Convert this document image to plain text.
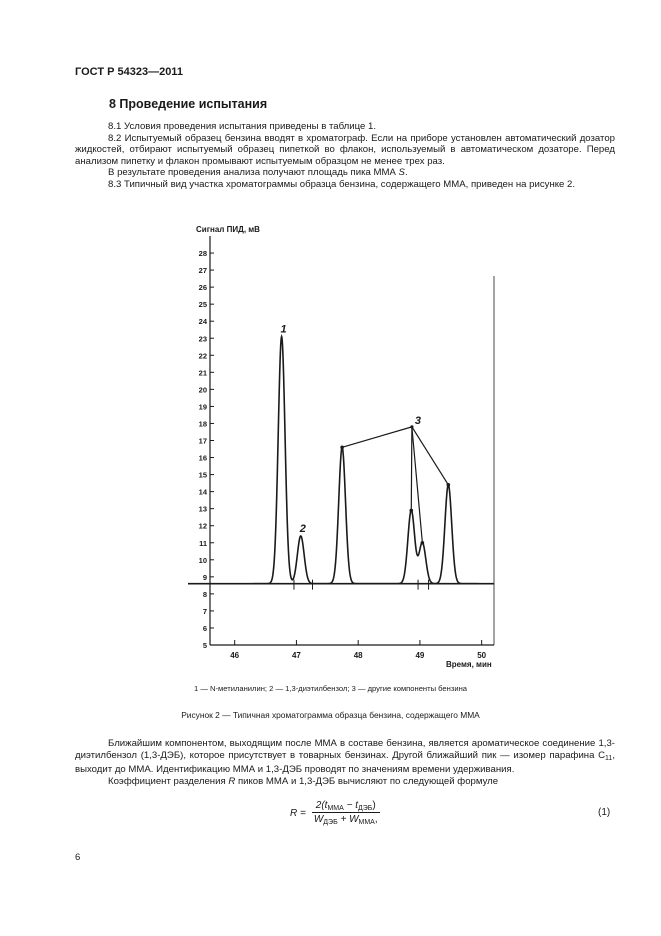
ГОСТ Р 54323—2011
8 Проведение испытания

8.1 Условия проведения испытания приведены в таблице 1.

8.2 Испытуемый образец бензина вводят в хроматограф. Если на приборе установлен автоматический дозатор жидкостей, отбирают испытуемый образец пипеткой во флакон, используемый в автоматическом дозаторе. Перед анализом пипетку и флакон промывают испытуемым образцом не менее трех раз.

В результате проведения анализа получают площадь пика ММА S.

8.3 Типичный вид участка хроматограммы образца бензина, содержащего ММА, приведен на рисунке 2.

Сигнал ПИД, мВ
Время, мин
5
6
7
8
9
10
11
12
13
14
15
16
17
18
19
20
21
22
23
24
25
26
27
28
46	47	48	49	50
1
2
3
1 — N-метиланилин; 2 — 1,3-диэтилбензол; 3 — другие компоненты бензина
Рисунок 2 — Типичная хроматограмма образца бензина, содержащего ММА

Ближайшим компонентом, выходящим после ММА в составе бензина, является ароматическое соединение 1,3-диэтилбензол (1,3-ДЭБ), которое присутствует в товарных бензинах. Другой ближайший пик — изомер парафина $C_{11}$, выходит до ММА. Идентификацию ММА и 1,3-ДЭБ проводят по значениям времени удерживания.

Коэффициент разделения R пиков ММА и 1,3-ДЭБ вычисляют по следующей формуле

R =
$2(t_{ММА} - t_{ДЭБ})$
$W_{ДЭБ} + W_{ММА}$,
(1)
6
